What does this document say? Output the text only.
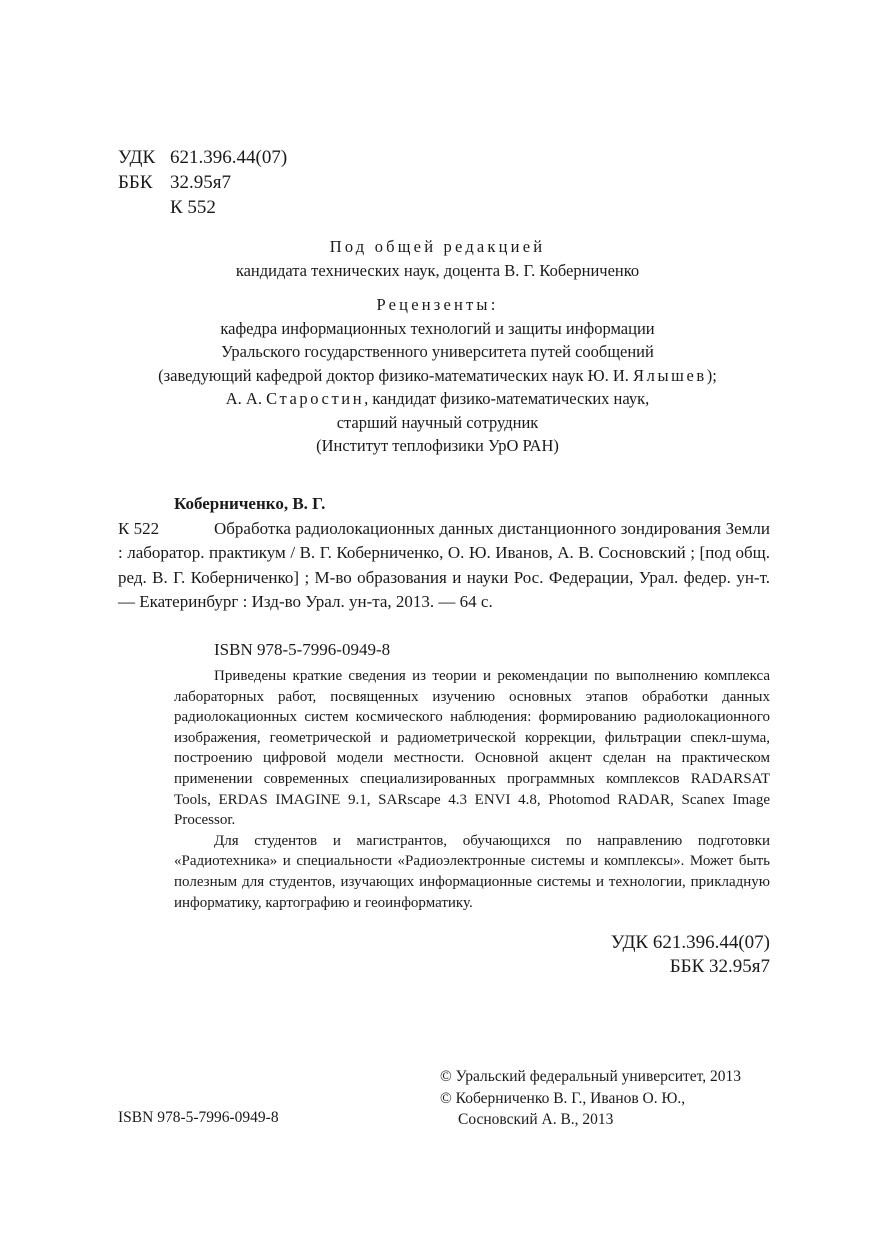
УДК 621.396.44(07)
ББК 32.95я7
К 552
Под общей редакцией
кандидата технических наук, доцента В. Г. Коберниченко
Рецензенты:
кафедра информационных технологий и защиты информации
Уральского государственного университета путей сообщений
(заведующий кафедрой доктор физико-математических наук Ю. И. Ялышев);
А. А. Старостин, кандидат физико-математических наук,
старший научный сотрудник
(Институт теплофизики УрО РАН)
Коберниченко, В. Г.
К 522	Обработка радиолокационных данных дистанционного зондирования Земли : лаборатор. практикум / В. Г. Коберниченко, О. Ю. Иванов, А. В. Сосновский ; [под общ. ред. В. Г. Коберниченко] ; М-во образования и науки Рос. Федерации, Урал. федер. ун-т. — Екатеринбург : Изд-во Урал. ун-та, 2013. — 64 с.
ISBN 978-5-7996-0949-8

Приведены краткие сведения из теории и рекомендации по выполнению комплекса лабораторных работ, посвященных изучению основных этапов обработки данных радиолокационных систем космического наблюдения: формированию радиолокационного изображения, геометрической и радиометрической коррекции, фильтрации спекл-шума, построению цифровой модели местности. Основной акцент сделан на практическом применении современных специализированных программных комплексов RADARSAT Tools, ERDAS IMAGINE 9.1, SARscape 4.3 ENVI 4.8, Photomod RADAR, Scanex Image Processor.

Для студентов и магистрантов, обучающихся по направлению подготовки «Радиотехника» и специальности «Радиоэлектронные системы и комплексы». Может быть полезным для студентов, изучающих информационные системы и технологии, прикладную информатику, картографию и геоинформатику.

УДК 621.396.44(07)
ББК 32.95я7
© Уральский федеральный университет, 2013
© Коберниченко В. Г., Иванов О. Ю.,
Сосновский А. В., 2013
ISBN 978-5-7996-0949-8
